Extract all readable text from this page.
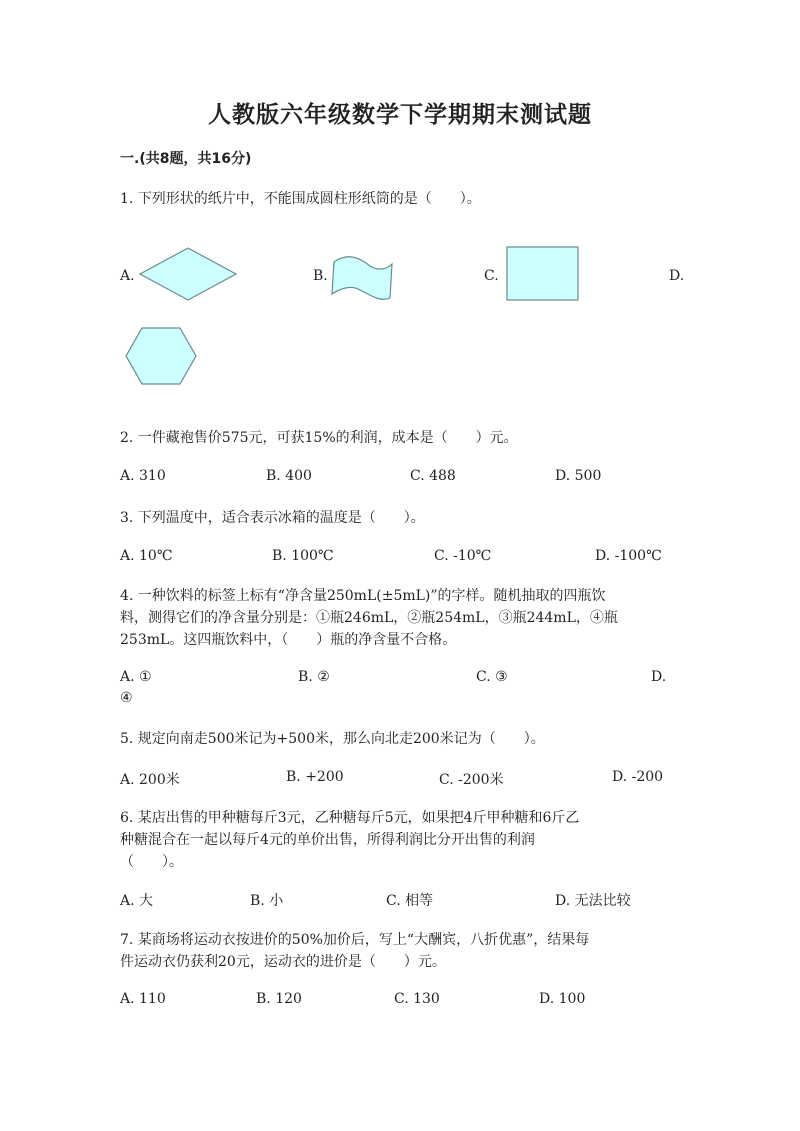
人教版六年级数学下学期期末测试题
一.(共8题，共16分)
1. 下列形状的纸片中，不能围成圆柱形纸筒的是（　　）。
A.	B.	C.	D.
2. 一件藏袍售价575元，可获15%的利润，成本是（　　）元。
A. 310	B. 400	C. 488	D. 500
3. 下列温度中，适合表示冰箱的温度是（　　）。
A. 10℃	B. 100℃	C. -10℃	D. -100℃
4. 一种饮料的标签上标有“净含量250mL(±5mL)”的字样。随机抽取的四瓶饮
料，测得它们的净含量分别是：①瓶246mL，②瓶254mL，③瓶244mL，④瓶
253mL。这四瓶饮料中，（　　）瓶的净含量不合格。
A. ①	B. ②	C. ③	D.
④
5. 规定向南走500米记为+500米，那么向北走200米记为（　　）。
A. 200米	B. +200	C. -200米	D. -200
6. 某店出售的甲种糖每斤3元，乙种糖每斤5元，如果把4斤甲种糖和6斤乙
种糖混合在一起以每斤4元的单价出售，所得利润比分开出售的利润
（　　）。
A. 大	B. 小	C. 相等	D. 无法比较
7. 某商场将运动衣按进价的50%加价后，写上“大酬宾，八折优惠”，结果每
件运动衣仍获利20元，运动衣的进价是（　　）元。
A. 110	B. 120	C. 130	D. 100
